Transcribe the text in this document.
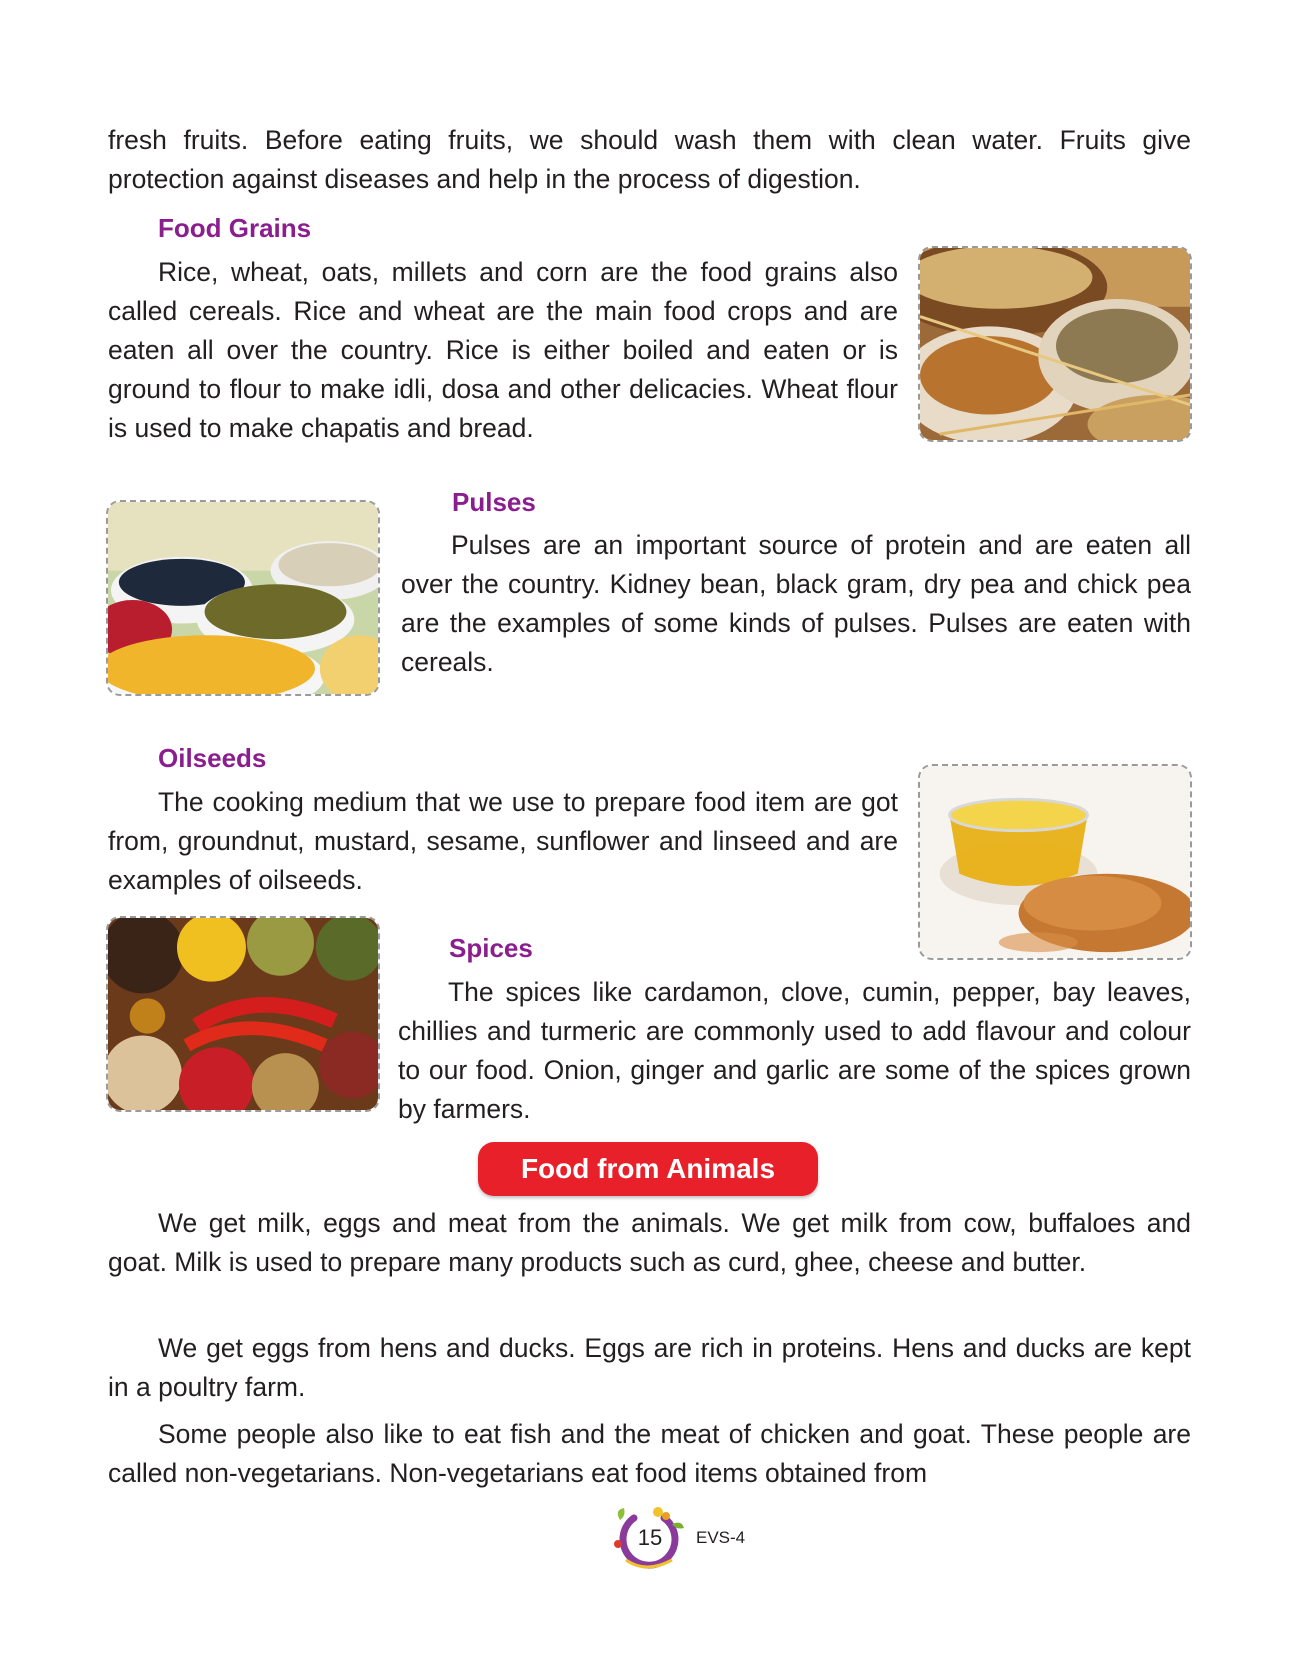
fresh fruits. Before eating fruits, we should wash them with clean water. Fruits give protection against diseases and help in the process of digestion.

Food Grains

Rice, wheat, oats, millets and corn are the food grains also called cereals. Rice and wheat are the main food crops and are eaten all over the country. Rice is either boiled and eaten or is ground to flour to make idli, dosa and other delicacies. Wheat flour is used to make chapatis and bread.

Pulses

Pulses are an important source of protein and are eaten all over the country. Kidney bean, black gram, dry pea and chick pea are the examples of some kinds of pulses. Pulses are eaten with cereals.

Oilseeds

The cooking medium that we use to prepare food item are got from, groundnut, mustard, sesame, sunflower and linseed and are examples of oilseeds.

Spices

The spices like cardamon, clove, cumin, pepper, bay leaves, chillies and turmeric are commonly used to add flavour and colour to our food. Onion, ginger and garlic are some of the spices grown by farmers.

Food from Animals

We get milk, eggs and meat from the animals. We get milk from cow, buffaloes and goat. Milk is used to prepare many products such as curd, ghee, cheese and butter.

We get eggs from hens and ducks. Eggs are rich in proteins. Hens and ducks are kept in a poultry farm.

Some people also like to eat fish and the meat of chicken and goat. These people are called non-vegetarians. Non-vegetarians eat food items obtained from

15	EVS-4
